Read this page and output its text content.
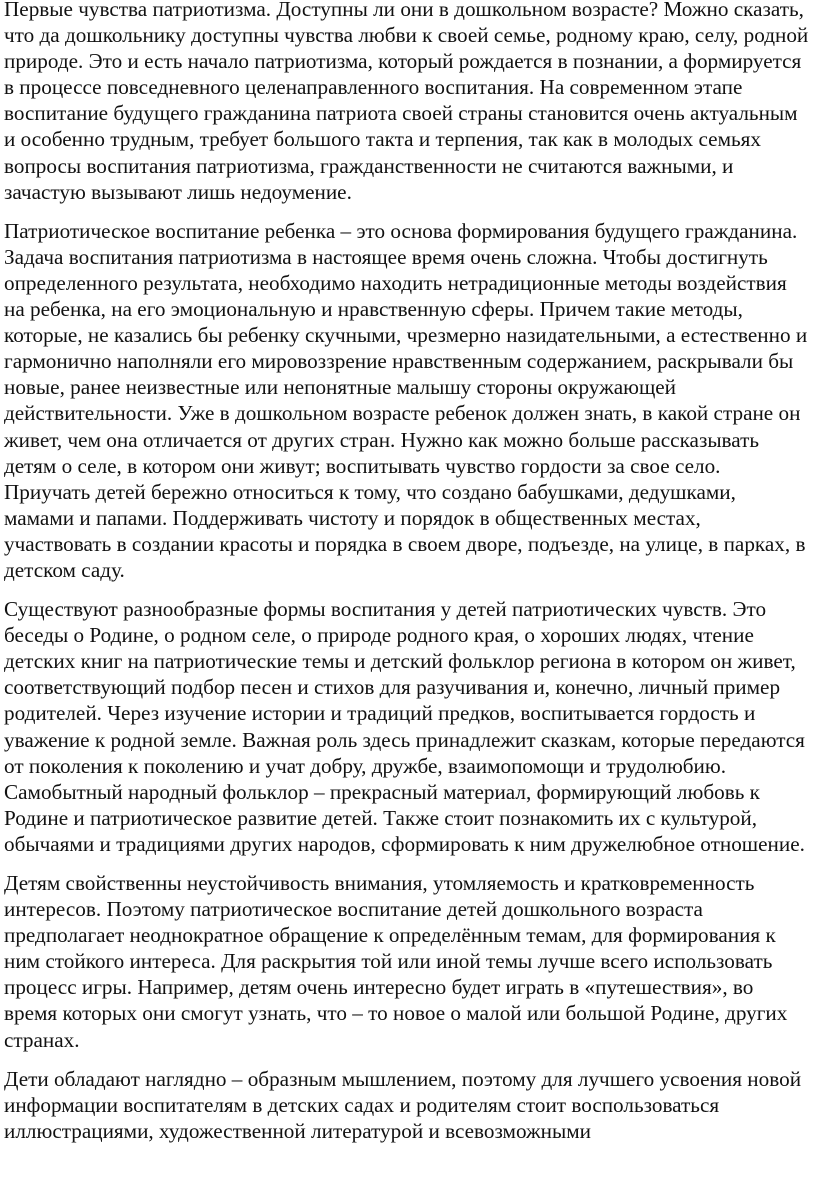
Первые чувства патриотизма. Доступны ли они в дошкольном возрасте? Можно сказать, что да дошкольнику доступны чувства любви к своей семье, родному краю, селу, родной природе. Это и есть начало патриотизма, который рождается в познании, а формируется в процессе повседневного целенаправленного воспитания. На современном этапе воспитание будущего гражданина патриота своей страны становится очень актуальным и особенно трудным, требует большого такта и терпения, так как в молодых семьях вопросы воспитания патриотизма, гражданственности не считаются важными, и зачастую вызывают лишь недоумение.

Патриотическое воспитание ребенка – это основа формирования будущего гражданина. Задача воспитания патриотизма в настоящее время очень сложна. Чтобы достигнуть определенного результата, необходимо находить нетрадиционные методы воздействия на ребенка, на его эмоциональную и нравственную сферы. Причем такие методы, которые, не казались бы ребенку скучными, чрезмерно назидательными, а естественно и гармонично наполняли его мировоззрение нравственным содержанием, раскрывали бы новые, ранее неизвестные или непонятные малышу стороны окружающей действительности. Уже в дошкольном возрасте ребенок должен знать, в какой стране он живет, чем она отличается от других стран. Нужно как можно больше рассказывать детям о селе, в котором они живут; воспитывать чувство гордости за свое село. Приучать детей бережно относиться к тому, что создано бабушками, дедушками, мамами и папами. Поддерживать чистоту и порядок в общественных местах, участвовать в создании красоты и порядка в своем дворе, подъезде, на улице, в парках, в детском саду.

Существуют разнообразные формы воспитания у детей патриотических чувств. Это беседы о Родине, о родном селе, о природе родного края, о хороших людях, чтение детских книг на патриотические темы и детский фольклор региона в котором он живет, соответствующий подбор песен и стихов для разучивания и, конечно, личный пример родителей. Через изучение истории и традиций предков, воспитывается гордость и уважение к родной земле. Важная роль здесь принадлежит сказкам, которые передаются от поколения к поколению и учат добру, дружбе, взаимопомощи и трудолюбию. Самобытный народный фольклор – прекрасный материал, формирующий любовь к Родине и патриотическое развитие детей. Также стоит познакомить их с культурой, обычаями и традициями других народов, сформировать к ним дружелюбное отношение.

Детям свойственны неустойчивость внимания, утомляемость и кратковременность интересов. Поэтому патриотическое воспитание детей дошкольного возраста предполагает неоднократное обращение к определённым темам, для формирования к ним стойкого интереса. Для раскрытия той или иной темы лучше всего использовать процесс игры. Например, детям очень интересно будет играть в «путешествия», во время которых они смогут узнать, что – то новое о малой или большой Родине, других странах.

Дети обладают наглядно – образным мышлением, поэтому для лучшего усвоения новой информации воспитателям в детских садах и родителям стоит воспользоваться иллюстрациями, художественной литературой и всевозможными
